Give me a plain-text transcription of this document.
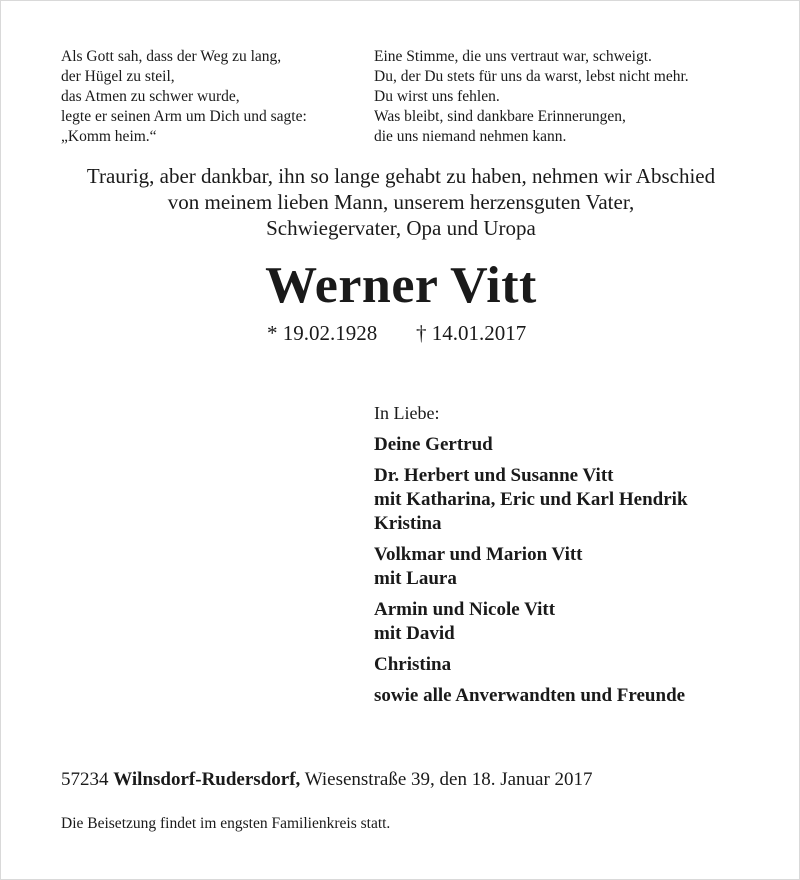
Als Gott sah, dass der Weg zu lang,
der Hügel zu steil,
das Atmen zu schwer wurde,
legte er seinen Arm um Dich und sagte:
„Komm heim.“
Eine Stimme, die uns vertraut war, schweigt.
Du, der Du stets für uns da warst, lebst nicht mehr.
Du wirst uns fehlen.
Was bleibt, sind dankbare Erinnerungen,
die uns niemand nehmen kann.
Traurig, aber dankbar, ihn so lange gehabt zu haben, nehmen wir Abschied
von meinem lieben Mann, unserem herzensguten Vater,
Schwiegervater, Opa und Uropa
Werner Vitt
* 19.02.1928 † 14.01.2017
In Liebe:
Deine Gertrud
Dr. Herbert und Susanne Vitt
mit Katharina, Eric und Karl Hendrik
Kristina
Volkmar und Marion Vitt
mit Laura
Armin und Nicole Vitt
mit David
Christina
sowie alle Anverwandten und Freunde
57234 Wilnsdorf-Rudersdorf, Wiesenstraße 39, den 18. Januar 2017
Die Beisetzung findet im engsten Familienkreis statt.
